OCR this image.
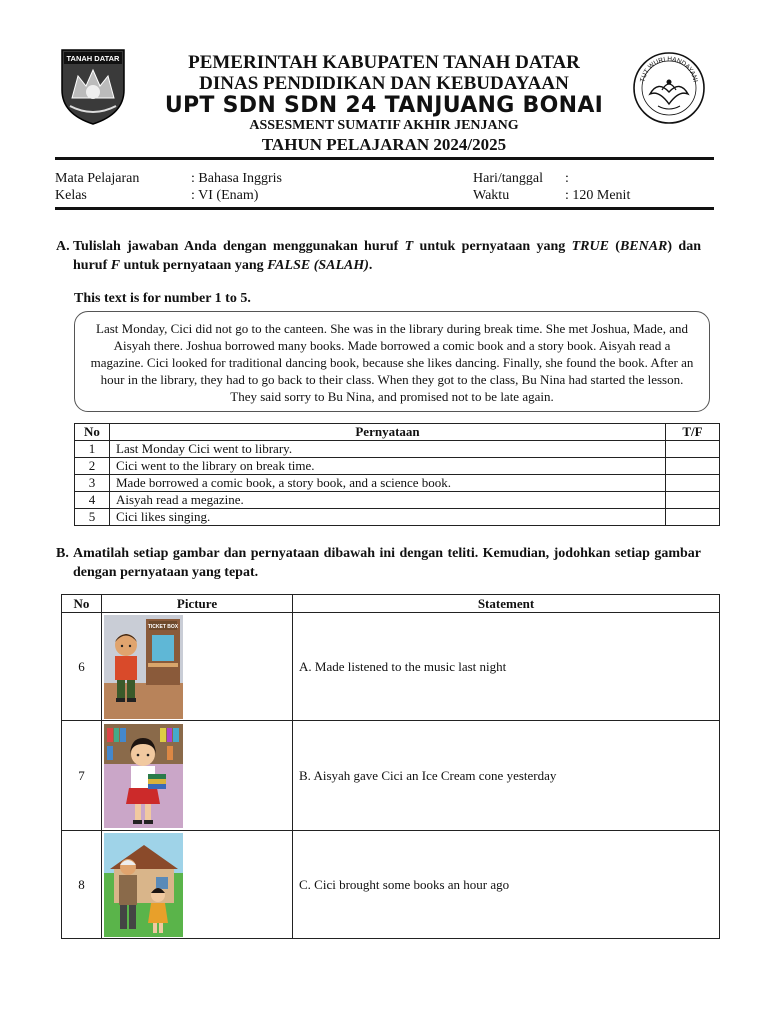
TANAH DATAR
TUT WURI HANDAYANI
PEMERINTAH KABUPATEN TANAH DATAR
DINAS PENDIDIKAN DAN KEBUDAYAAN
UPT SDN SDN 24 TANJUANG BONAI
ASSESMENT SUMATIF AKHIR JENJANG
TAHUN PELAJARAN 2024/2025
Mata Pelajaran	: Bahasa Inggris	Hari/tanggal :
Kelas	: VI (Enam)	Waktu	: 120 Menit
A. Tulislah jawaban Anda dengan menggunakan huruf T untuk pernyataan yang TRUE (BENAR) dan huruf F untuk pernyataan yang FALSE (SALAH).
This text is for number 1 to 5.
Last Monday, Cici did not go to the canteen. She was in the library during break time. She met Joshua, Made, and Aisyah there. Joshua borrowed many books. Made borrowed a comic book and a story book. Aisyah read a magazine. Cici looked for traditional dancing book, because she likes dancing. Finally, she found the book. After an hour in the library, they had to go back to their class. When they got to the class, Bu Nina had started the lesson. They said sorry to Bu Nina, and promised not to be late again.
No	Pernyataan	T/F
1	Last Monday Cici went to library.	
2	Cici went to the library on break time.	
3	Made borrowed a comic book, a story book, and a science book.	
4	Aisyah read a megazine.	
5	Cici likes singing.	
B. Amatilah setiap gambar dan pernyataan dibawah ini dengan teliti. Kemudian, jodohkan setiap gambar dengan pernyataan yang tepat.
No	Picture	Statement
6	TICKET BOX	A. Made listened to the music last night
7		B. Aisyah gave Cici an Ice Cream cone yesterday
8		C. Cici brought some books an hour ago
